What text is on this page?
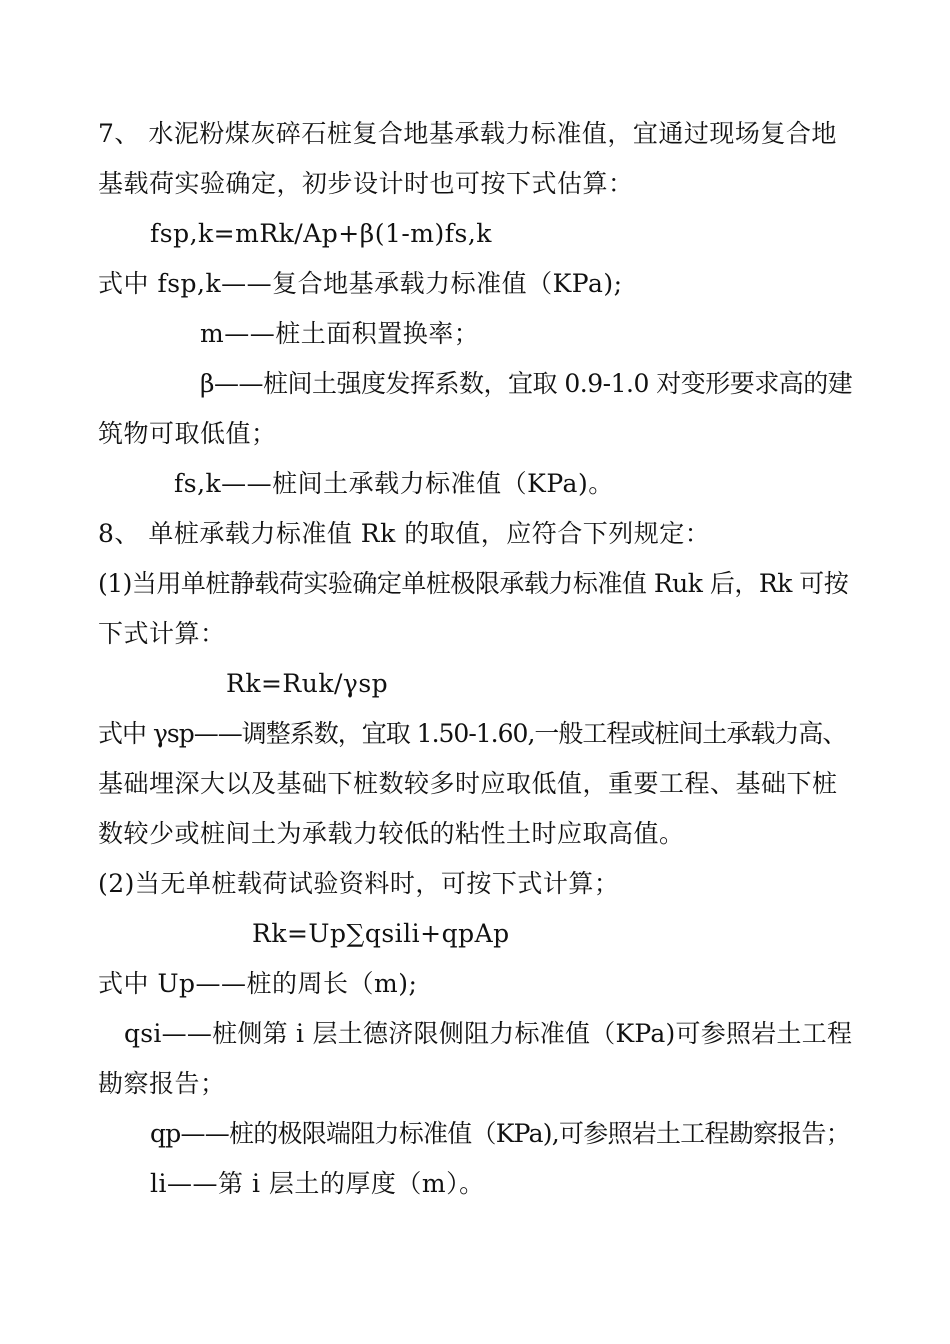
7、 水泥粉煤灰碎石桩复合地基承载力标准值，宜通过现场复合地
基载荷实验确定，初步设计时也可按下式估算：
fsp,k=mRk/Ap+β(1-m)fs,k
式中 fsp,k——复合地基承载力标准值（KPa);
m——桩土面积置换率；
β——桩间土强度发挥系数，宜取 0.9-1.0 对变形要求高的建
筑物可取低值；
fs,k——桩间土承载力标准值（KPa)。
8、 单桩承载力标准值 Rk 的取值，应符合下列规定：
(1)当用单桩静载荷实验确定单桩极限承载力标准值 Ruk 后，Rk 可按
下式计算：
Rk=Ruk/γsp
式中 γsp——调整系数，宜取 1.50-1.60,一般工程或桩间土承载力高、
基础埋深大以及基础下桩数较多时应取低值，重要工程、基础下桩
数较少或桩间土为承载力较低的粘性土时应取高值。
(2)当无单桩载荷试验资料时，可按下式计算；
Rk=Up∑qsili+qpAp
式中 Up——桩的周长（m);
qsi——桩侧第 i 层土德济限侧阻力标准值（KPa)可参照岩土工程
勘察报告；
qp——桩的极限端阻力标准值（KPa),可参照岩土工程勘察报告；
li——第 i 层土的厚度（m）。
